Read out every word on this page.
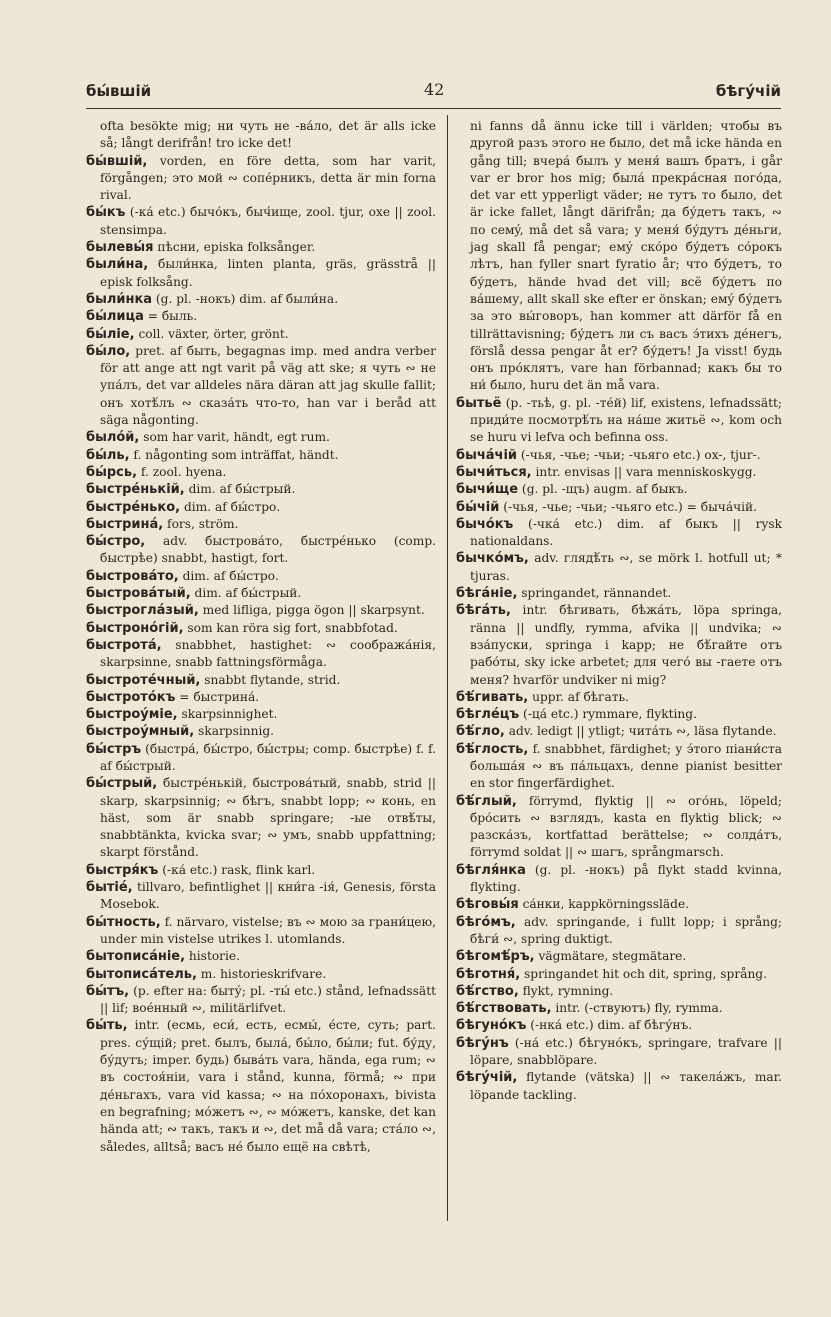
бы́вшій	42	бѣгу́чій

ofta besökte mig; ни чуть не -ва́ло, det är alls icke så; långt derifrån! tro icke det!

бы́вшій, vorden, en före detta, som har varit, förgången; это мой ∾ сопе́рникъ, detta är min forna rival.

бы́къ (-ка́ etc.) бычо́къ, быч́ище, zool. tjur, oxe || zool. stensimpa.

былевы́я пѣсни, episka folksånger.

были́на, были́нка, linten planta, gräs, grässtrå || episk folksång.

были́нка (g. pl. -нокъ) dim. af были́на.

бы́лица = быль.

бы́ліе, coll. växter, örter, grönt.

бы́ло, pret. af быть, begagnas imp. med andra verber för att ange att ngt varit på väg att ske; я чуть ∾ не упа́лъ, det var alldeles nära däran att jag skulle fallit; онъ хотѣ́лъ ∾ сказа́ть что-то, han var i beråd att säga någonting.

было́й, som har varit, händt, egt rum.

бы́ль, f. någonting som inträffat, händt.

бы́рсь, f. zool. hyena.

быстре́нькій, dim. af бы́стрый.

быстре́нько, dim. af бы́стро.

быстрина́, fors, ström.

бы́стро, adv. быстрова́то, быстре́нько (comp. быстрѣе) snabbt, hastigt, fort.

быстрова́то, dim. af бы́стро.

быстрова́тый, dim. af бы́стрый.

быстрогла́зый, med lifliga, pigga ögon || skarpsynt.

быстроно́гій, som kan röra sig fort, snabbfotad.

быстрота́, snabbhet, hastighet: ∾ сообража́нія, skarpsinne, snabb fattningsförmåga.

быстроте́чный, snabbt flytande, strid.

быстрото́къ = быстрина́.

быстроу́міе, skarpsinnighet.

быстроу́мный, skarpsinnig.

бы́стръ (быстра́, бы́стро, бы́стры; comp. быстрѣе) f. f. af бы́стрый.

бы́стрый, быстре́нькій, быстрова́тый, snabb, strid || skarp, skarpsinnig; ∾ бѣгъ, snabbt lopp; ∾ конь, en häst, som är snabb springare; -ые отвѣ́ты, snabbtänkta, kvicka svar; ∾ умъ, snabb uppfattning; skarpt förstånd.

быстря́къ (-ка́ etc.) rask, flink karl.

бытіе́, tillvaro, befintlighet || кни́га -ія́, Genesis, första Mosebok.

бы́тность, f. närvaro, vistelse; въ ∾ мою за грани́цею, under min vistelse utrikes l. utomlands.

бытописа́ніе, historie.

бытописа́тель, m. historieskrifvare.

бы́тъ, (p. efter на: быту́; pl. -ты́ etc.) stånd, lefnadssätt || lif; вое́нный ∾, militärlifvet.

бы́ть, intr. (есмь, еси́, есть, есмы́, е́сте, суть; part. pres. су́щій; pret. былъ, была́, бы́ло, бы́ли; fut. бу́ду, бу́дутъ; imper. будь) быва́ть vara, hända, ega rum; ∾ въ состоя́ніи, vara i stånd, kunna, förmå; ∾ при де́ньгахъ, vara vid kassa; ∾ на по́хоронахъ, bivista en begrafning; мо́жетъ ∾, ∾ мо́жетъ, kanske, det kan hända att; ∾ такъ, такъ и ∾, det må då vara; ста́ло ∾, således, alltså; васъ не́ было ещё на свѣтѣ,

ni fanns då ännu icke till i världen; чтобы въ другой разъ этого не было, det må icke hända en gång till; вчера́ былъ у меня́ вашъ братъ, i går var er bror hos mig; была́ прекра́сная пого́да, det var ett ypperligt väder; не тутъ то было, det är icke fallet, långt därifrån; да бу́детъ такъ, ∾ по семý, må det så vara; у меня́ бу́дутъ де́ньги, jag skall få pengar; емý ско́ро бу́детъ со́рокъ лѣтъ, han fyller snart fyratio år; что бу́детъ, то бу́детъ, hände hvad det vill; всё бу́детъ по ва́шему, allt skall ske efter er önskan; емý бу́детъ за это вы́говоръ, han kommer att därför få en tillrättavisning; бу́детъ ли съ васъ э́тихъ де́негъ, förslå dessa pengar åt er? бу́детъ! Ja visst! будь онъ про́клятъ, vare han förbannad; какъ бы то ни́ было, huru det än må vara.

бытьё (p. -тьѣ, g. pl. -те́й) lif, existens, lefnadssätt; приди́те посмотрѣ́ть на на́ше житьё ∾, kom och se huru vi lefva och befinna oss.

быча́чій (-чья, -чье; -чьи; -чьяго etc.) ox-, tjur-.

бычи́ться, intr. envisas || vara menniskoskygg.

бычи́ще (g. pl. -щъ) augm. af быкъ.

бы́чій (-чья, -чье; -чьи; -чьяго etc.) = быча́чій.

бычо́къ (-чка́ etc.) dim. af быкъ || rysk nationaldans.

бычко́мъ, adv. глядѣ́ть ∾, se mörk l. hotfull ut; * tjuras.

бѣга́ніе, springandet, rännandet.

бѣга́ть, intr. бѣгивать, бѣжа́ть, löpa springa, ränna || undfly, rymma, afvika || undvika; ∾ вза́пуски, springa i kapp; не бѣ́гайте отъ рабо́ты, sky icke arbetet; для чего́ вы -гаете отъ меня? hvarför undviker ni mig?

бѣ́гивать, uppr. af бѣгать.

бѣгле́цъ (-ца́ etc.) rymmare, flykting.

бѣ́гло, adv. ledigt || ytligt; чита́ть ∾, läsa flytande.

бѣ́глость, f. snabbhet, färdighet; у э́того піани́ста больша́я ∾ въ па́льцахъ, denne pianist besitter en stor fingerfärdighet.

бѣ́глый, förrymd, flyktig || ∾ ого́нь, löpeld; бро́сить ∾ взглядъ, kasta en flyktig blick; ∾ разска́зъ, kortfattad berättelse; ∾ солда́тъ, förrymd soldat || ∾ шагъ, språngmarsch.

бѣгля́нка (g. pl. -нокъ) på flykt stadd kvinna, flykting.

бѣговы́я са́нки, kappkörningssläde.

бѣго́мъ, adv. springande, i fullt lopp; i språng; бѣги́ ∾, spring duktigt.

бѣгомѣ́ръ, vägmätare, stegmätare.

бѣготня́, springandet hit och dit, spring, språng.

бѣ́гство, flykt, rymning.

бѣ́гствовать, intr. (-ствуютъ) fly, rymma.

бѣгуно́къ (-нка́ etc.) dim. af бѣгу́нъ.

бѣгу́нъ (-на́ etc.) бѣгуно́къ, springare, trafvare || löpare, snabblöpare.

бѣгу́чій, flytande (vätska) || ∾ такела́жъ, mar. löpande tackling.
